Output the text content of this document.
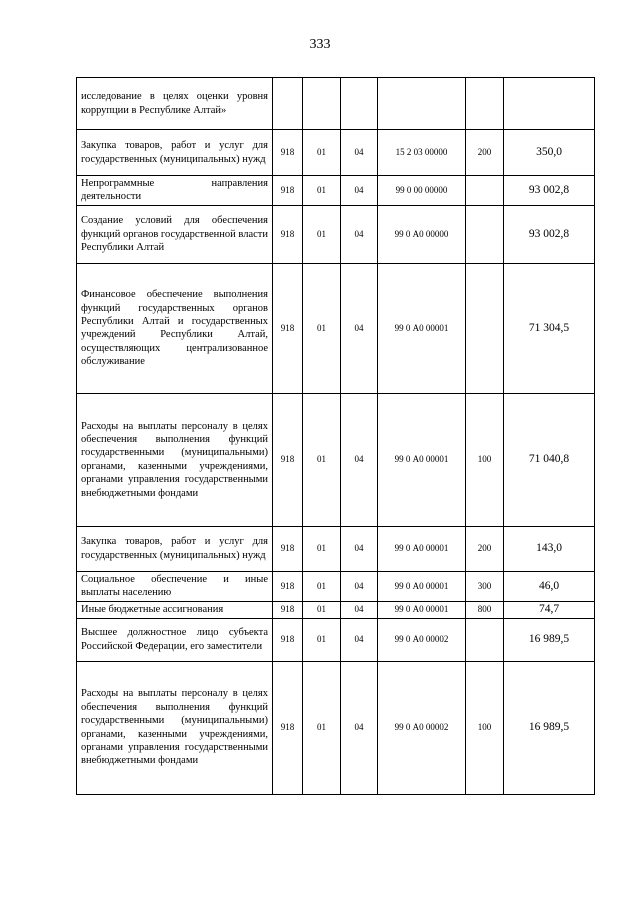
333
исследование в целях оценки уровня коррупции в Республике Алтай»						
Закупка товаров, работ и услуг для государственных (муниципальных) нужд	918	01	04	15 2 03 00000	200	350,0
Непрограммные направления деятельности	918	01	04	99 0 00 00000		93 002,8
Создание условий для обеспечения функций органов государственной власти Республики Алтай	918	01	04	99 0 А0 00000		93 002,8
Финансовое обеспечение выполнения функций государственных органов Республики Алтай и государственных учреждений Республики Алтай, осуществляющих централизованное обслуживание	918	01	04	99 0 А0 00001		71 304,5
Расходы на выплаты персоналу в целях обеспечения выполнения функций государственными (муниципальными) органами, казенными учреждениями, органами управления государственными внебюджетными фондами	918	01	04	99 0 А0 00001	100	71 040,8
Закупка товаров, работ и услуг для государственных (муниципальных) нужд	918	01	04	99 0 А0 00001	200	143,0
Социальное обеспечение и иные выплаты населению	918	01	04	99 0 А0 00001	300	46,0
Иные бюджетные ассигнования	918	01	04	99 0 А0 00001	800	74,7
Высшее должностное лицо субъекта Российской Федерации, его заместители	918	01	04	99 0 А0 00002		16 989,5
Расходы на выплаты персоналу в целях обеспечения выполнения функций государственными (муниципальными) органами, казенными учреждениями, органами управления государственными внебюджетными фондами	918	01	04	99 0 А0 00002	100	16 989,5
